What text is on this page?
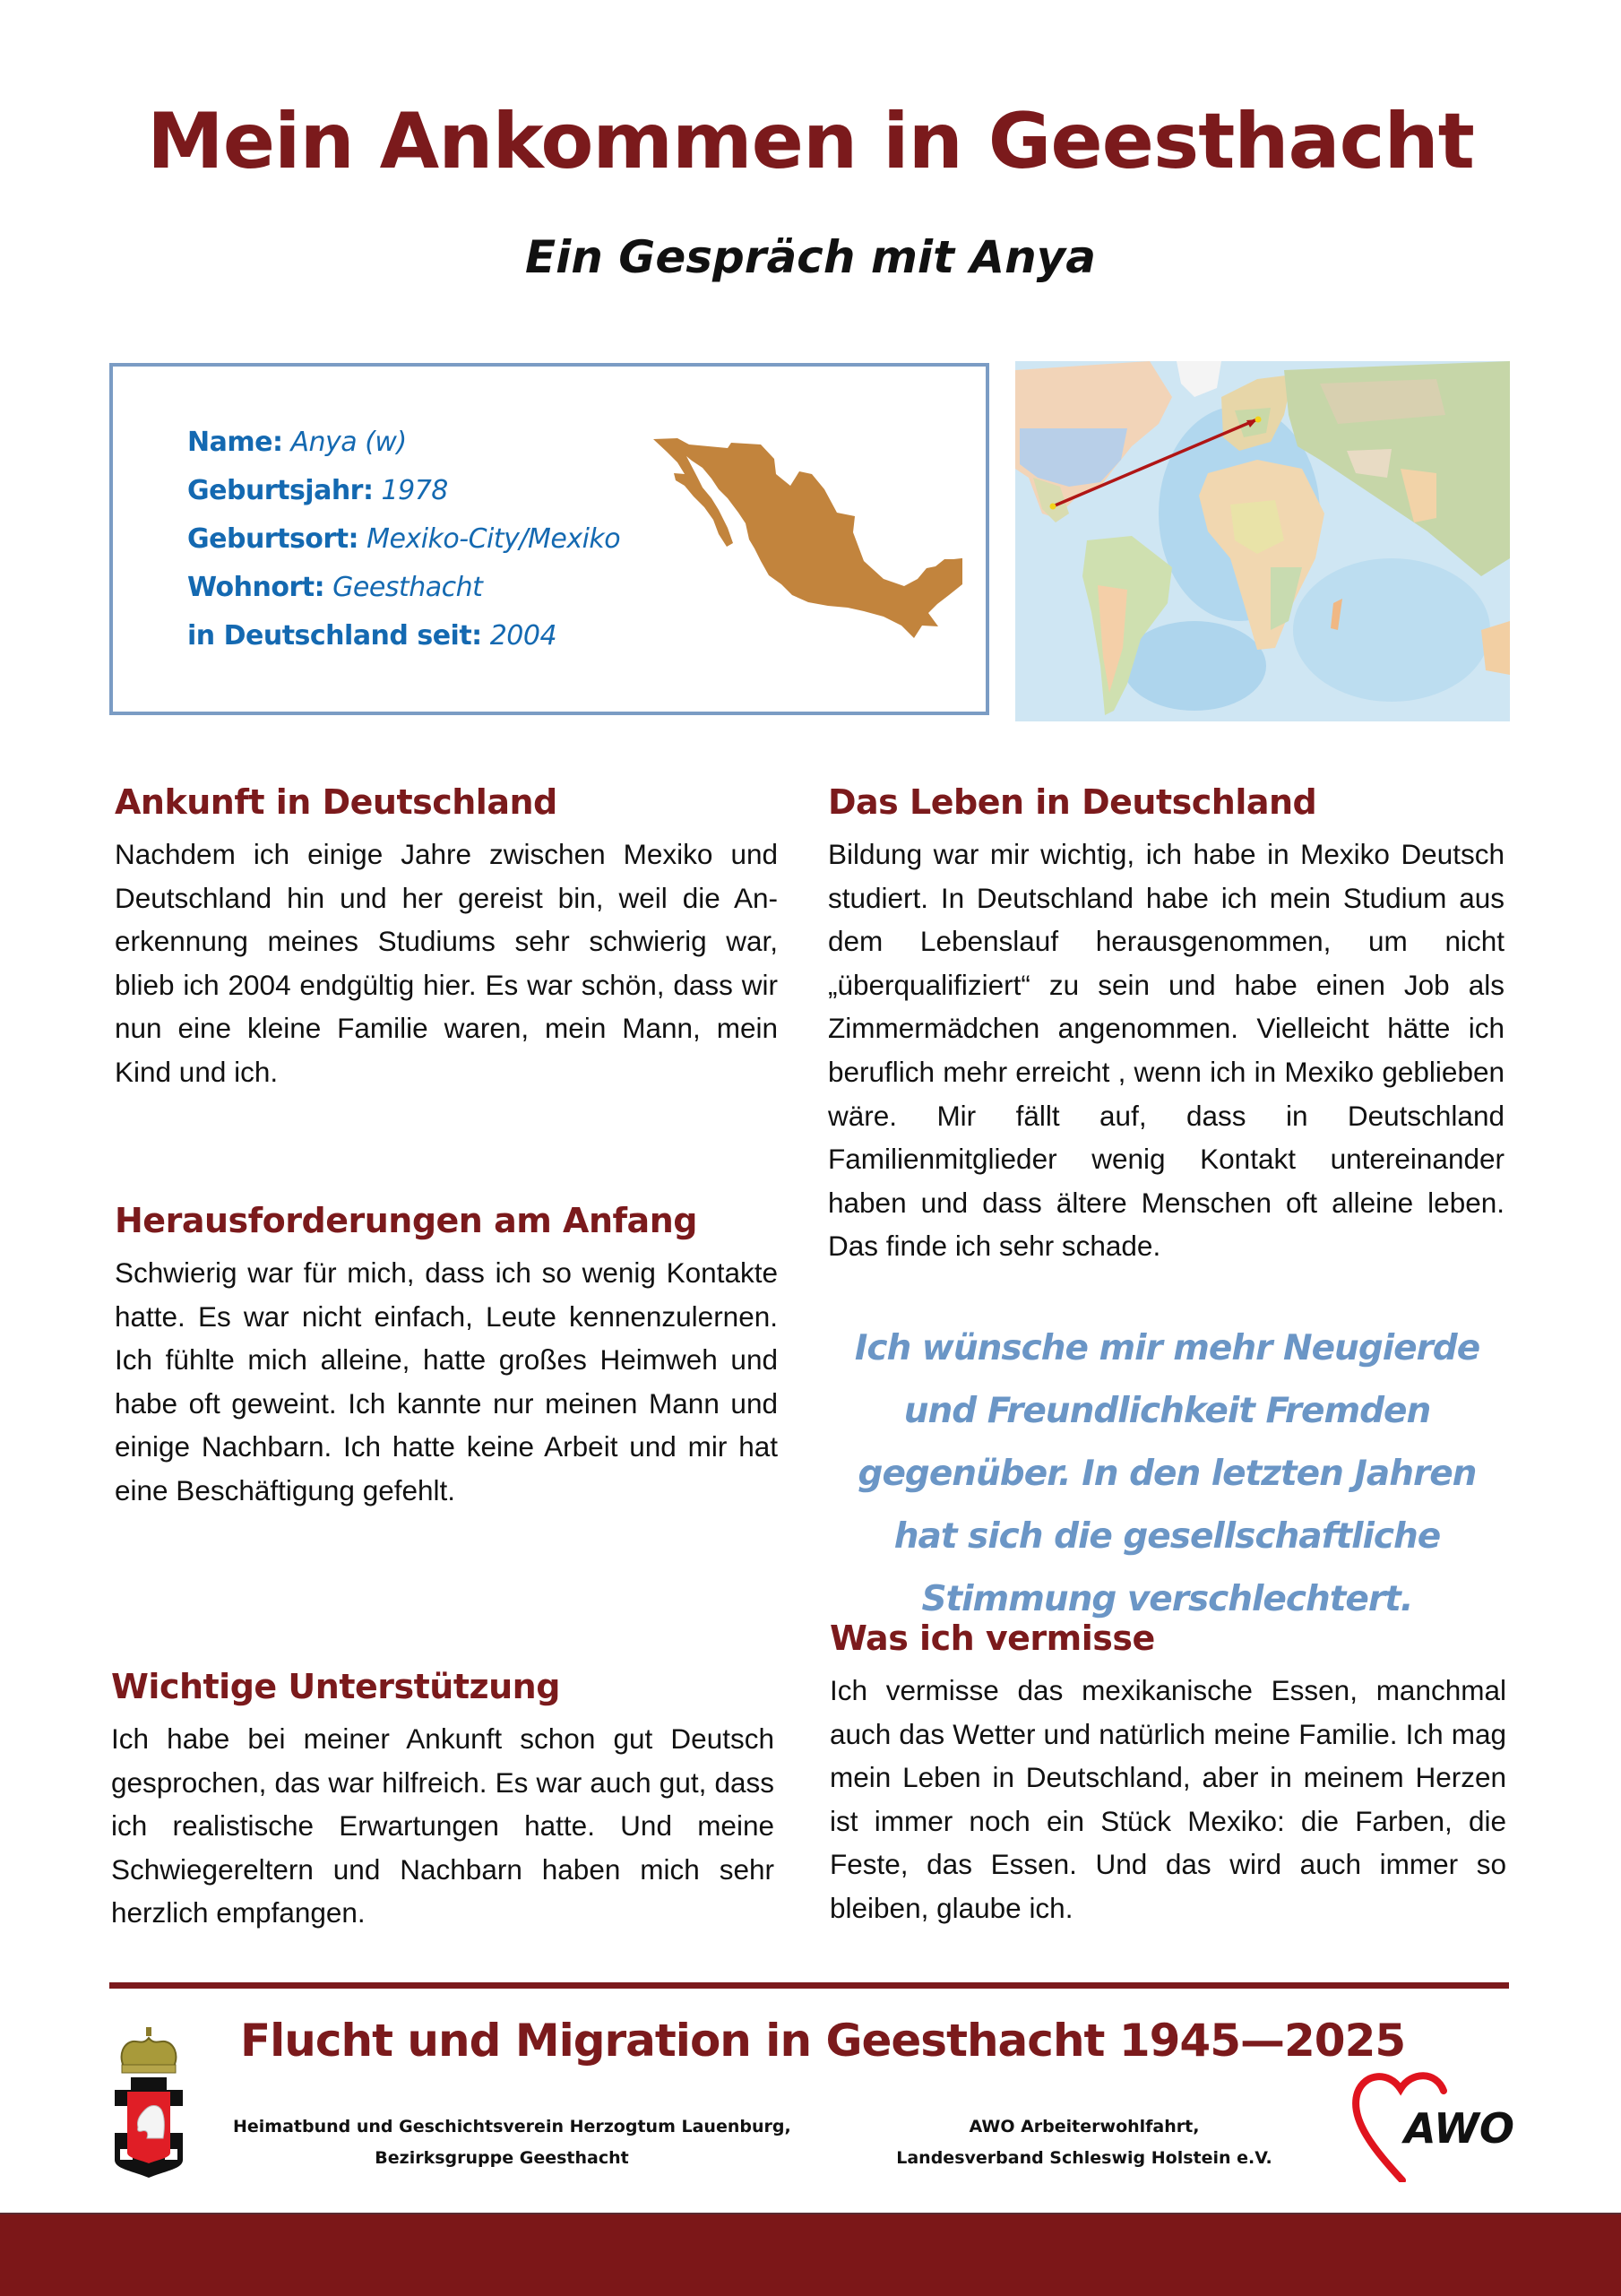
Mein Ankommen in Geesthacht
Ein Gespräch mit Anya
Name: Anya (w)
Geburtsjahr: 1978
Geburtsort: Mexiko-City/Mexiko
Wohnort: Geesthacht
in Deutschland seit: 2004
Ankunft in Deutschland

Nachdem ich einige Jahre zwischen Mexiko und Deutschland hin und her gereist bin, weil die Anerkennung meines Studiums sehr schwierig war, blieb ich 2004 endgültig hier. Es war schön, dass wir nun eine kleine Familie waren, mein Mann, mein Kind und ich.

Herausforderungen am Anfang

Schwierig war für mich, dass ich so wenig Kontakte hatte. Es war nicht einfach, Leute kennenzulernen. Ich fühlte mich alleine, hatte großes Heimweh und habe oft geweint. Ich kannte nur meinen Mann und einige Nachbarn. Ich hatte keine Arbeit und mir hat eine Beschäftigung gefehlt.

Wichtige Unterstützung

Ich habe bei meiner Ankunft schon gut Deutsch gesprochen, das war hilfreich. Es war auch gut, dass ich realistische Erwartungen hatte. Und meine Schwiegereltern und Nachbarn haben mich sehr herzlich empfangen.

Das Leben in Deutschland

Bildung war mir wichtig, ich habe in Mexiko Deutsch studiert. In Deutschland habe ich mein Studium aus dem Lebenslauf herausgenommen, um nicht „überqualifiziert“ zu sein und habe einen Job als Zimmermädchen angenommen. Vielleicht hätte ich beruflich mehr erreicht , wenn ich in Mexiko geblieben wäre. Mir fällt auf, dass in Deutschland Familienmitglieder wenig Kontakt untereinander haben und dass ältere Menschen oft alleine leben. Das finde ich sehr schade.

Ich wünsche mir mehr Neugierde und Freundlichkeit Fremden gegenüber. In den letzten Jahren hat sich die gesellschaftliche Stimmung verschlechtert.

Was ich vermisse

Ich vermisse das mexikanische Essen, manchmal auch das Wetter und natürlich meine Familie. Ich mag mein Leben in Deutschland, aber in meinem Herzen ist immer noch ein Stück Mexiko: die Farben, die Feste, das Essen. Und das wird auch immer so bleiben, glaube ich.

Flucht und Migration in Geesthacht 1945—2025
Heimatbund und Geschichtsverein Herzogtum Lauenburg,
Bezirksgruppe Geesthacht
AWO Arbeiterwohlfahrt,
Landesverband Schleswig Holstein e.V.
AWO
